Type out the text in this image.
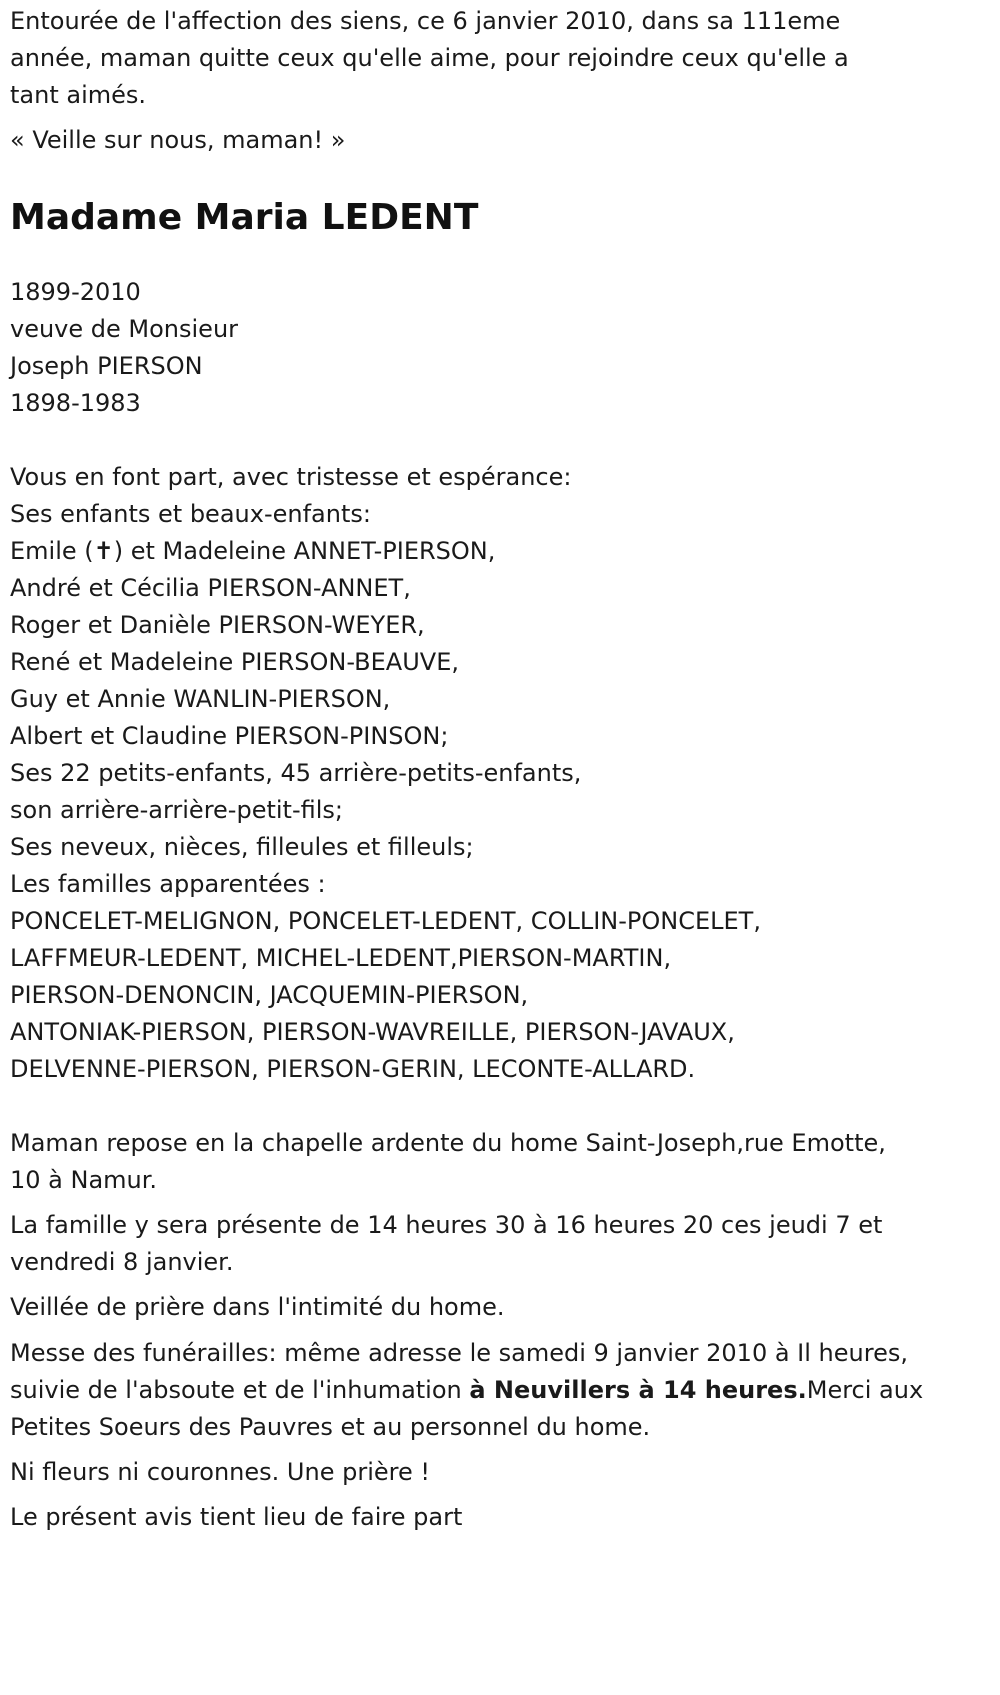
Entourée de l'affection des siens, ce 6 janvier 2010, dans sa 111eme
année, maman quitte ceux qu'elle aime, pour rejoindre ceux qu'elle a
tant aimés.

« Veille sur nous, maman! »

Madame Maria LEDENT
1899-2010
veuve de Monsieur
Joseph PIERSON
1898-1983

Vous en font part, avec tristesse et espérance:

Ses enfants et beaux-enfants:
Emile (✝) et Madeleine ANNET-PIERSON,
André et Cécilia PIERSON-ANNET,
Roger et Danièle PIERSON-WEYER,
René et Madeleine PIERSON-BEAUVE,
Guy et Annie WANLIN-PIERSON,
Albert et Claudine PIERSON-PINSON;
Ses 22 petits-enfants, 45 arrière-petits-enfants,
son arrière-arrière-petit-fils;
Ses neveux, nièces, filleules et filleuls;
Les familles apparentées :
PONCELET-MELIGNON, PONCELET-LEDENT, COLLIN-PONCELET,
LAFFMEUR-LEDENT, MICHEL-LEDENT,PIERSON-MARTIN,
PIERSON-DENONCIN, JACQUEMIN-PIERSON,
ANTONIAK-PIERSON, PIERSON-WAVREILLE, PIERSON-JAVAUX,
DELVENNE-PIERSON, PIERSON-GERIN, LECONTE-ALLARD.

Maman repose en la chapelle ardente du home Saint-Joseph,rue Emotte,
10 à Namur.

La famille y sera présente de 14 heures 30 à 16 heures 20 ces jeudi 7 et
vendredi 8 janvier.

Veillée de prière dans l'intimité du home.

Messe des funérailles: même adresse le samedi 9 janvier 2010 à Il heures,
suivie de l'absoute et de l'inhumation à Neuvillers à 14 heures.Merci aux
Petites Soeurs des Pauvres et au personnel du home.

Ni fleurs ni couronnes. Une prière !

Le présent avis tient lieu de faire part
